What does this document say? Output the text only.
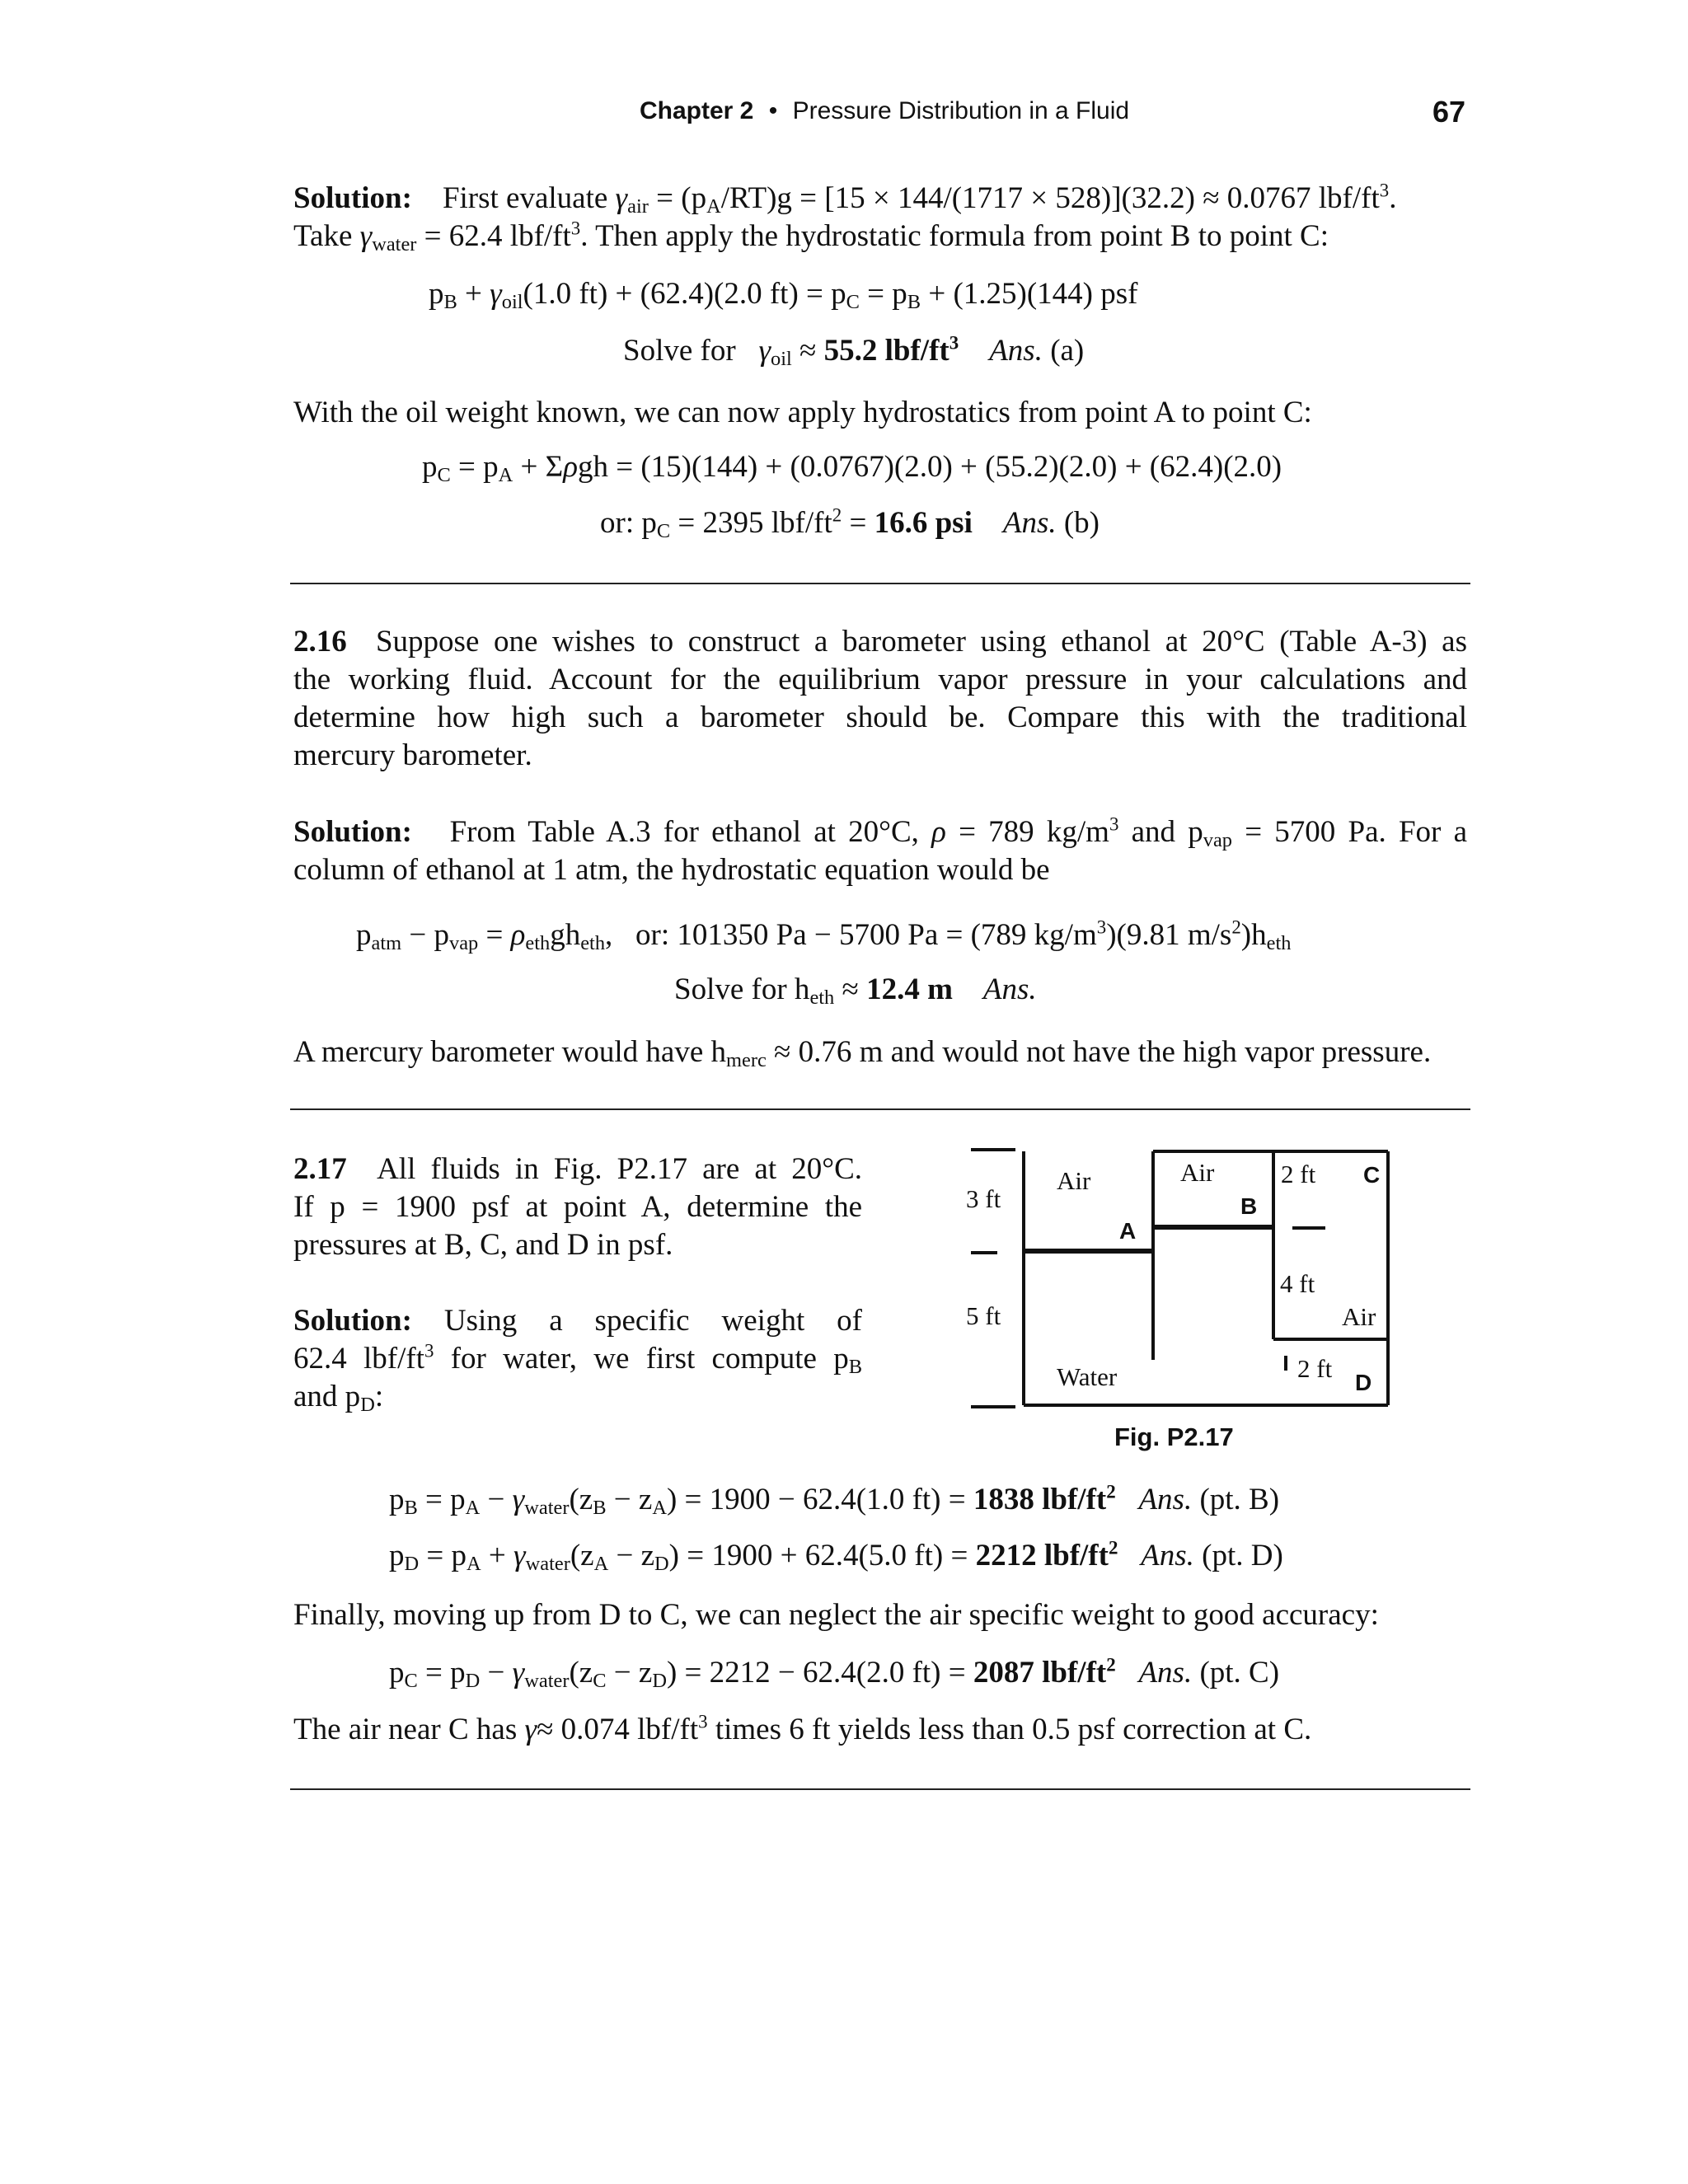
Chapter 2 • Pressure Distribution in a Fluid	67
Solution: First evaluate $\gamma_{air} = (p_A/RT)g = [15 \times 144/(1717 \times 528)](32.2) \approx 0.0767$ lbf/$ft^3$.
Take $\gamma_{water} = 62.4$ lbf/$ft^3$. Then apply the hydrostatic formula from point B to point C:
$p_B + \gamma_{oil}(1.0$ ft) + (62.4)(2.0 $ft) = p_C = p_B + (1.25)(144)$ psf
Solve for   $\gamma_{oil} \approx 55.2$ lbf/$ft^3$ Ans. (a)
With the oil weight known, we can now apply hydrostatics from point A to point C:
$p_C = p_A + \Sigma\rho gh = (15)(144) + (0.0767)(2.0) + (55.2)(2.0) + (62.4)(2.0)$
or: $p_C = 2395$ lbf/$ft^2 = 16.6$ psi Ans. (b)
2.16 Suppose one wishes to construct a barometer using ethanol at 20°C (Table A-3) as
the working fluid. Account for the equilibrium vapor pressure in your calculations and
determine how high such a barometer should be. Compare this with the traditional
mercury barometer.
Solution: From Table A.3 for ethanol at 20°C, ρ = 789 $kg/m^3$ and $p_{vap} = 5700$ Pa. For a
column of ethanol at 1 atm, the hydrostatic equation would be
$p_{atm} - p_{vap} = \rho_{eth}gh_{eth}$,   or: 101350 Pa − 5700 Pa = (789 $kg/m^3)(9.81$ $m/s^2)h_{eth}$
Solve for $h_{eth} \approx 12.4$ m Ans.
A mercury barometer would have $h_{merc} \approx 0.76$ m and would not have the high vapor pressure.
2.17 All fluids in Fig. P2.17 are at 20°C.
If p = 1900 psf at point A, determine the
pressures at B, C, and D in psf.
Solution: Using a specific weight of
62.4 lbf/$ft^3$ for water, we first compute $p_B$
and $p_D$:
3 ft
5 ft
Air	Air	2 ft
4 ft
Air
Water	2 ft
A
B
C
D
Fig. P2.17
$p_B = p_A - \gamma_{water}(z_B - z_A) = 1900 - 62.4(1.0$ ft) = 1838 lbf/$ft^2$ Ans. (pt. B)
$p_D = p_A + \gamma_{water}(z_A - z_D) = 1900 + 62.4(5.0$ ft) = 2212 lbf/$ft^2$ Ans. (pt. D)
Finally, moving up from D to C, we can neglect the air specific weight to good accuracy:
$p_C = p_D - \gamma_{water}(z_C - z_D) = 2212 - 62.4(2.0$ ft) = 2087 lbf/$ft^2$ Ans. (pt. C)
The air near C has γ≈ 0.074 lbf/$ft^3$ times 6 ft yields less than 0.5 psf correction at C.
